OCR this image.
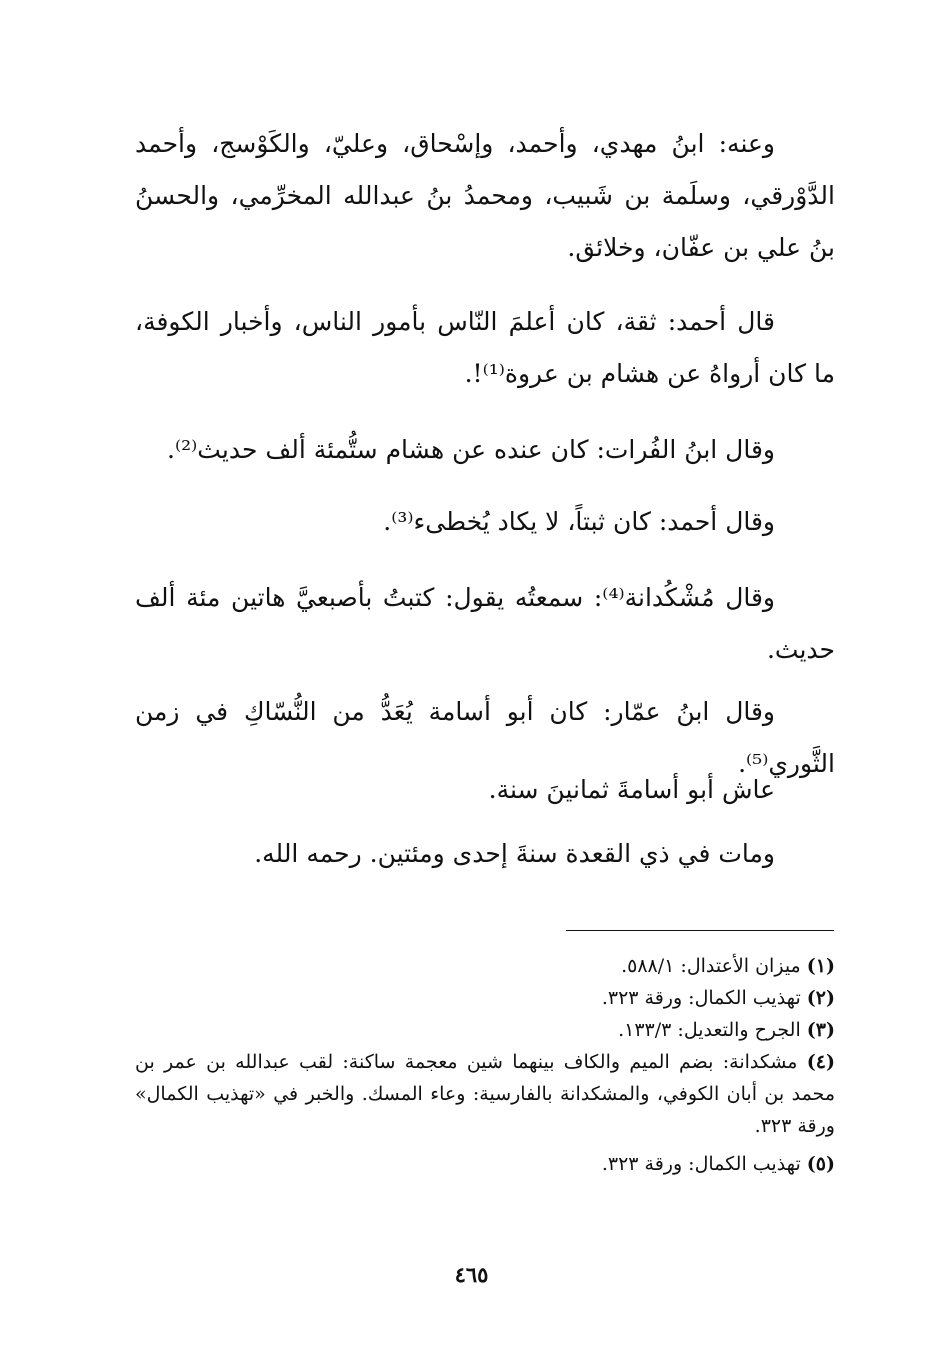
وعنه: ابنُ مهدي، وأحمد، وإسْحاق، وعليّ، والكَوْسج، وأحمد الدَّوْرقي، وسلَمة بن شَبيب، ومحمدُ بنُ عبدالله المخرِّمي، والحسنُ بنُ علي بن عفّان، وخلائق.

قال أحمد: ثقة، كان أعلمَ النّاس بأمور الناس، وأخبار الكوفة، ما كان أرواهُ عن هشام بن عروة⁽¹⁾!.

وقال ابنُ الفُرات: كان عنده عن هشام ستُّمئة ألف حديث⁽²⁾.

وقال أحمد: كان ثبتاً، لا يكاد يُخطىء⁽³⁾.

وقال مُشْكُدانة⁽⁴⁾: سمعتُه يقول: كتبتُ بأصبعيَّ هاتين مئة ألف حديث.

وقال ابنُ عمّار: كان أبو أسامة يُعَدُّ من النُّسّاكِ في زمن الثَّوري⁽⁵⁾.

عاش أبو أسامةَ ثمانينَ سنة.

ومات في ذي القعدة سنةَ إحدى ومئتين. رحمه الله.

(١) ميزان الأعتدال: ٥٨٨/١.

(٢) تهذيب الكمال: ورقة ٣٢٣.

(٣) الجرح والتعديل: ١٣٣/٣.

(٤) مشكدانة: بضم الميم والكاف بينهما شين معجمة ساكنة: لقب عبدالله بن عمر بن محمد بن أبان الكوفي، والمشكدانة بالفارسية: وعاء المسك. والخبر في «تهذيب الكمال» ورقة ٣٢٣.

(٥) تهذيب الكمال: ورقة ٣٢٣.

٤٦٥
